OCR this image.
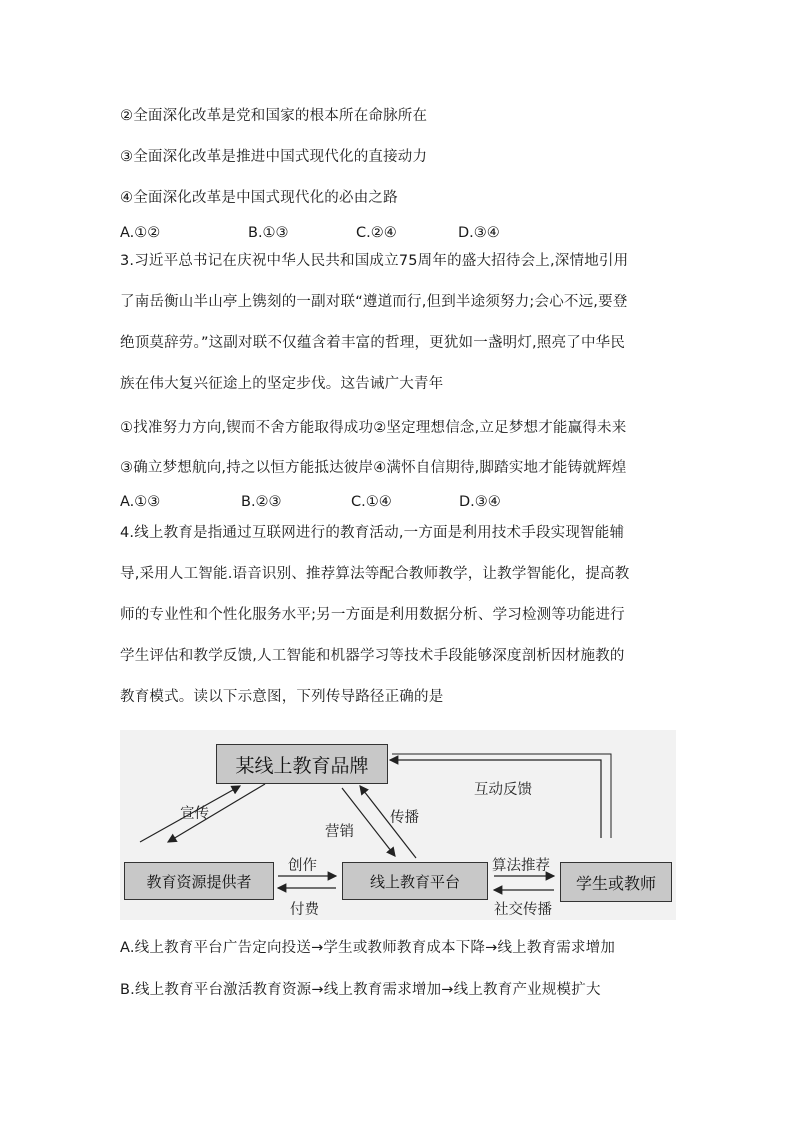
②全面深化改革是党和国家的根本所在命脉所在
③全面深化改革是推进中国式现代化的直接动力
④全面深化改革是中国式现代化的必由之路
A.①②	B.①③	C.②④	D.③④
3.习近平总书记在庆祝中华人民共和国成立75周年的盛大招待会上,深情地引用
了南岳衡山半山亭上镌刻的一副对联“遵道而行,但到半途须努力;会心不远,要登
绝顶莫辞劳。”这副对联不仅蕴含着丰富的哲理，更犹如一盏明灯,照亮了中华民
族在伟大复兴征途上的坚定步伐。这告诫广大青年
①找准努力方向,锲而不舍方能取得成功②坚定理想信念,立足梦想才能赢得未来
③确立梦想航向,持之以恒方能抵达彼岸④满怀自信期待,脚踏实地才能铸就辉煌
A.①③	B.②③	C.①④	D.③④
4.线上教育是指通过互联网进行的教育活动,一方面是利用技术手段实现智能辅
导,采用人工智能.语音识别、推荐算法等配合教师教学，让教学智能化，提高教
师的专业性和个性化服务水平;另一方面是利用数据分析、学习检测等功能进行
学生评估和教学反馈,人工智能和机器学习等技术手段能够深度剖析因材施教的
教育模式。读以下示意图，下列传导路径正确的是
某线上教育品牌
教育资源提供者	线上教育平台	学生或教师
宣传
营销
传播
互动反馈
创作
付费
算法推荐
社交传播
A.线上教育平台广告定向投送→学生或教师教育成本下降→线上教育需求增加
B.线上教育平台激活教育资源→线上教育需求增加→线上教育产业规模扩大
